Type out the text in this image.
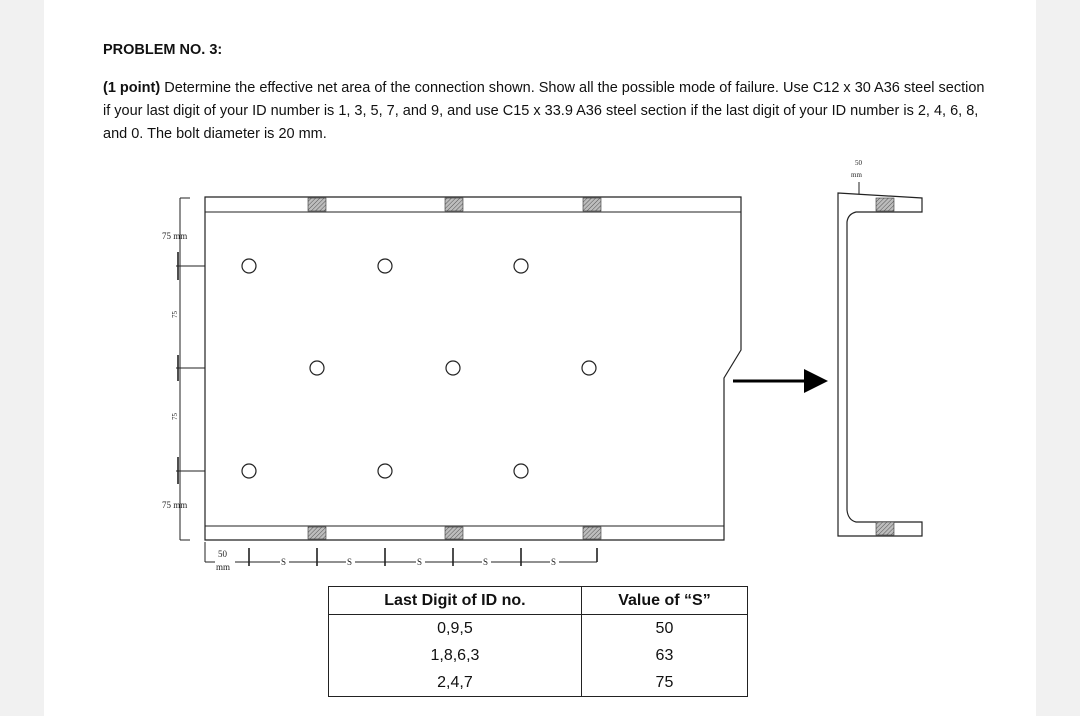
PROBLEM NO. 3:

(1 point) Determine the effective net area of the connection shown. Show all the possible mode of failure. Use C12 x 30 A36 steel section if your last digit of your ID number is 1, 3, 5, 7, and 9, and use C15 x 33.9 A36 steel section if the last digit of your ID number is 2, 4, 6, 8, and 0. The bolt diameter is 20 mm.

75 mm
75 mm
75
75
50
mm	S	S	S	S	S
50
mm
Last Digit of ID no.	Value of “S”
0,9,5	50
1,8,6,3	63
2,4,7	75
